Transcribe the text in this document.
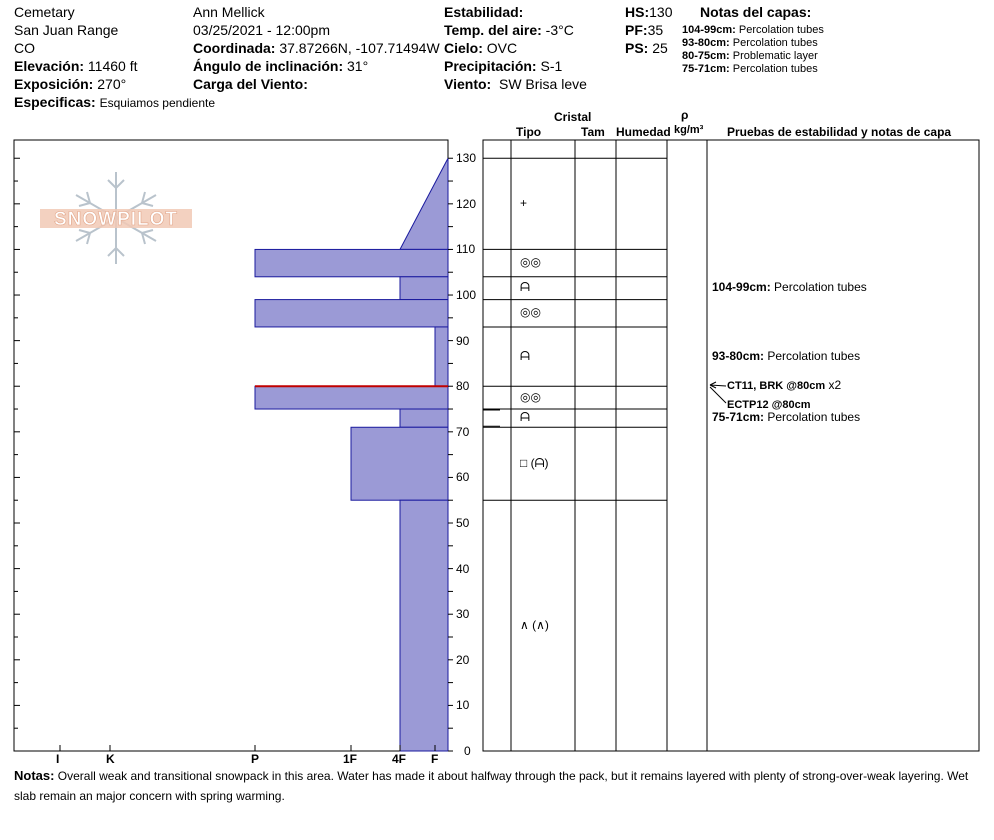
Cemetary
San Juan Range
CO
Elevación: 11460 ft
Exposición: 270°
Especificas: Esquiamos pendiente
Ann Mellick
03/25/2021 - 12:00pm
Coordinada: 37.87266N, -107.71494W
Ángulo de inclinación: 31°
Carga del Viento:
Estabilidad:
Temp. del aire: -3°C
Cielo: OVC
Precipitación: S-1
Viento: SW Brisa leve
HS:130
PF:35
PS: 25
Notas del capas:
104-99cm: Percolation tubes
93-80cm: Percolation tubes
80-75cm: Problematic layer
75-71cm: Percolation tubes
Cristal
Tipo	Tam Humedad
ρ
kg/m³ Pruebas de estabilidad y notas de capa
SNOWPILOT
I	K	P	1F	4F F
0
10
20
30
40
50
60
70
80
90
100
110
120
130
+
◎◎
ᗩ
◎◎
ᗩ
◎◎
ᗩ
□ (ᗩ)
∧ (∧)
104-99cm: Percolation tubes
93-80cm: Percolation tubes
75-71cm: Percolation tubes
CT11, BRK @80cm x2
ECTP12 @80cm
Notas: Overall weak and transitional snowpack in this area. Water has made it about halfway through the pack, but it remains layered with plenty of strong-over-weak layering. Wet slab remain an major concern with spring warming.
